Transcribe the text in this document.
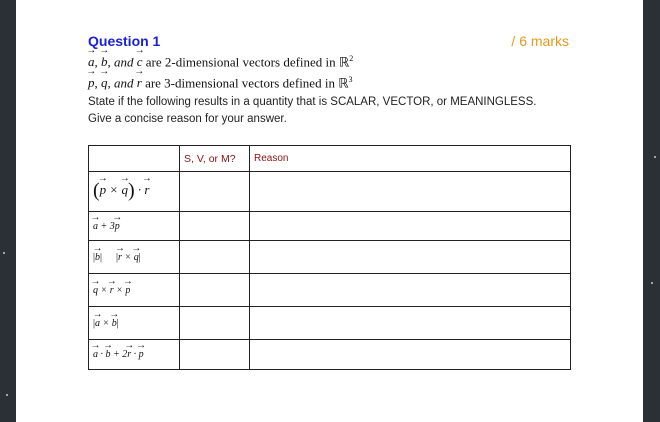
Question 1	/ 6 marks
→ a, → b, and → c are 2-dimensional vectors defined in ℝ$^2$
→ p, → q, and → r are 3-dimensional vectors defined in ℝ$^3$
State if the following results in a quantity that is SCALAR, VECTOR, or MEANINGLESS.
Give a concise reason for your answer.
	S, V, or M?	Reason
(→ p × → q) · → r		
→ a + 3→ p		
|→ b| |→ r × → q|		
→ q × → r × → p		
|→ a × → b|		
→ a · → b + 2→ r · → p		
